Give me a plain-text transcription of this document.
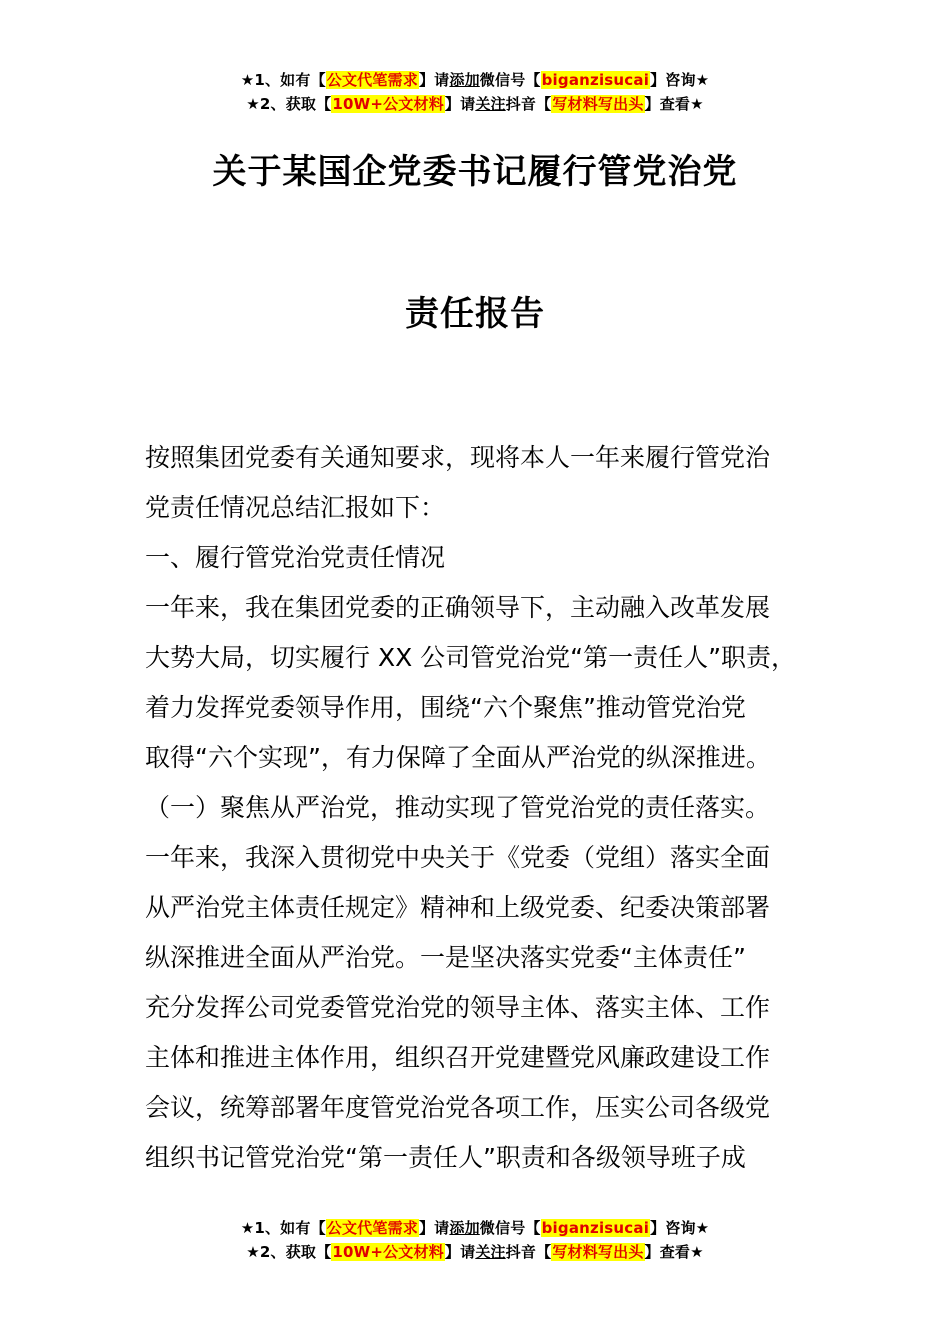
★1、如有【公文代笔需求】请添加微信号【biganzisucai】咨询★
★2、获取【10W+公文材料】请关注抖音【写材料写出头】查看★
关于某国企党委书记履行管党治党
责任报告
按照集团党委有关通知要求，现将本人一年来履行管党治
党责任情况总结汇报如下：
一、履行管党治党责任情况
一年来，我在集团党委的正确领导下，主动融入改革发展
大势大局，切实履行 XX 公司管党治党“第一责任人”职责，
着力发挥党委领导作用，围绕“六个聚焦”推动管党治党
取得“六个实现”，有力保障了全面从严治党的纵深推进。
（一）聚焦从严治党，推动实现了管党治党的责任落实。
一年来，我深入贯彻党中央关于《党委（党组）落实全面
从严治党主体责任规定》精神和上级党委、纪委决策部署
纵深推进全面从严治党。一是坚决落实党委“主体责任”
充分发挥公司党委管党治党的领导主体、落实主体、工作
主体和推进主体作用，组织召开党建暨党风廉政建设工作
会议，统筹部署年度管党治党各项工作，压实公司各级党
组织书记管党治党“第一责任人”职责和各级领导班子成
★1、如有【公文代笔需求】请添加微信号【biganzisucai】咨询★
★2、获取【10W+公文材料】请关注抖音【写材料写出头】查看★
